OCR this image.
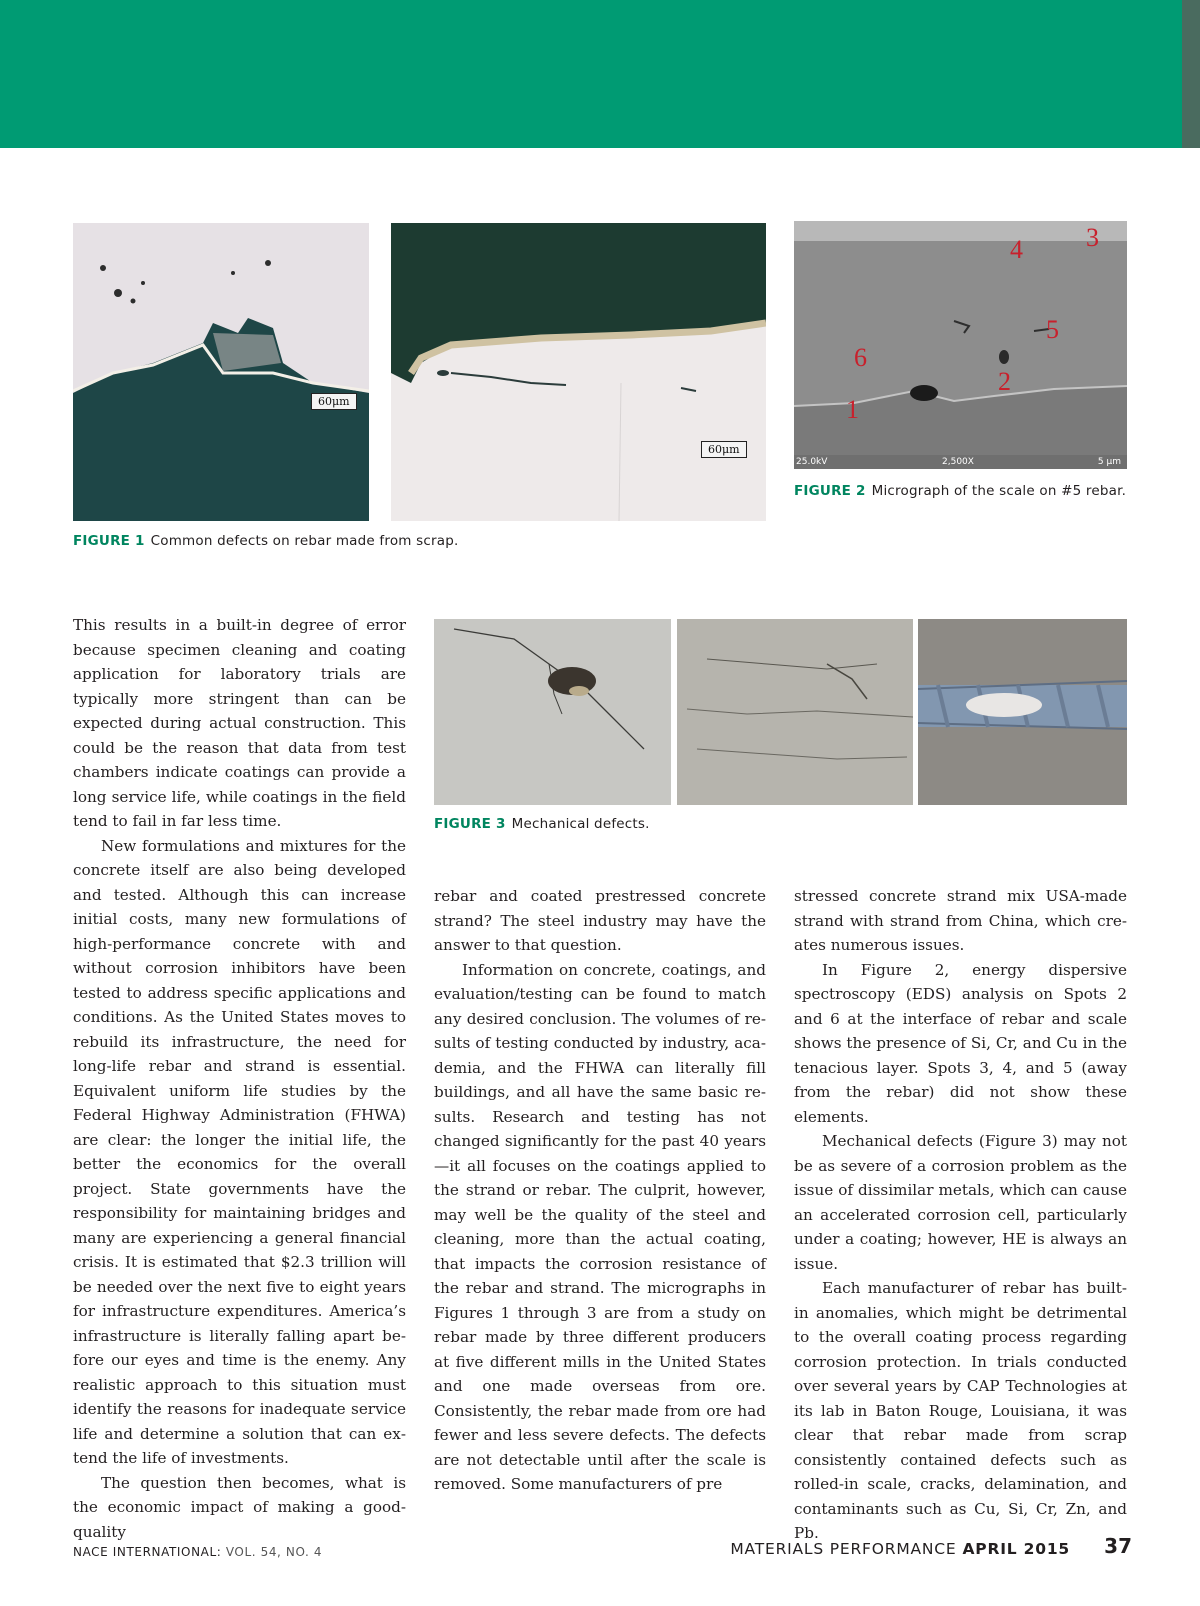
60μm
60μm
FIGURE 1 Common defects on rebar made from scrap.
1
2
3
4
5
6
25.0kV	2,500X	5 μm
FIGURE 2 Micrograph of the scale on #5 rebar.
FIGURE 3 Mechanical defects.

This results in a built-in degree of error because specimen cleaning and coating application for laboratory trials are typically more stringent than can be expected during actual construction. This could be the reason that data from test chambers indicate coatings can provide a long service life, while coatings in the field tend to fail in far less time.

New formulations and mixtures for the concrete itself are also being developed and tested. Although this can increase initial costs, many new formulations of high-performance concrete with and without corrosion inhibitors have been tested to address specific applications and conditions. As the United States moves to rebuild its infrastructure, the need for long-life rebar and strand is essential. Equivalent uniform life studies by the Federal Highway Administration (FHWA) are clear: the longer the initial life, the better the economics for the overall project. State governments have the responsibility for maintaining bridges and many are experiencing a general financial crisis. It is estimated that $2.3 trillion will be needed over the next five to eight years for infrastructure expenditures. America’s infrastructure is literally falling apart before our eyes and time is the enemy. Any realistic approach to this situation must identify the reasons for inadequate service life and determine a solution that can extend the life of investments.

The question then becomes, what is the economic impact of making a good-quality

rebar and coated prestressed concrete strand? The steel industry may have the answer to that question.

Information on concrete, coatings, and evaluation/testing can be found to match any desired conclusion. The volumes of results of testing conducted by industry, academia, and the FHWA can literally fill buildings, and all have the same basic results. Research and testing has not changed significantly for the past 40 years—it all focuses on the coatings applied to the strand or rebar. The culprit, however, may well be the quality of the steel and cleaning, more than the actual coating, that impacts the corrosion resistance of the rebar and strand. The micrographs in Figures 1 through 3 are from a study on rebar made by three different producers at five different mills in the United States and one made overseas from ore. Consistently, the rebar made from ore had fewer and less severe defects. The defects are not detectable until after the scale is removed. Some manufacturers of pre

stressed concrete strand mix USA-made strand with strand from China, which creates numerous issues.

In Figure 2, energy dispersive spectroscopy (EDS) analysis on Spots 2 and 6 at the interface of rebar and scale shows the presence of Si, Cr, and Cu in the tenacious layer. Spots 3, 4, and 5 (away from the rebar) did not show these elements.

Mechanical defects (Figure 3) may not be as severe of a corrosion problem as the issue of dissimilar metals, which can cause an accelerated corrosion cell, particularly under a coating; however, HE is always an issue.

Each manufacturer of rebar has built-in anomalies, which might be detrimental to the overall coating process regarding corrosion protection. In trials conducted over several years by CAP Technologies at its lab in Baton Rouge, Louisiana, it was clear that rebar made from scrap consistently contained defects such as rolled-in scale, cracks, delamination, and contaminants such as Cu, Si, Cr, Zn, and Pb.

NACE INTERNATIONAL: VOL. 54, NO. 4	MATERIALS PERFORMANCE APRIL 2015 37
